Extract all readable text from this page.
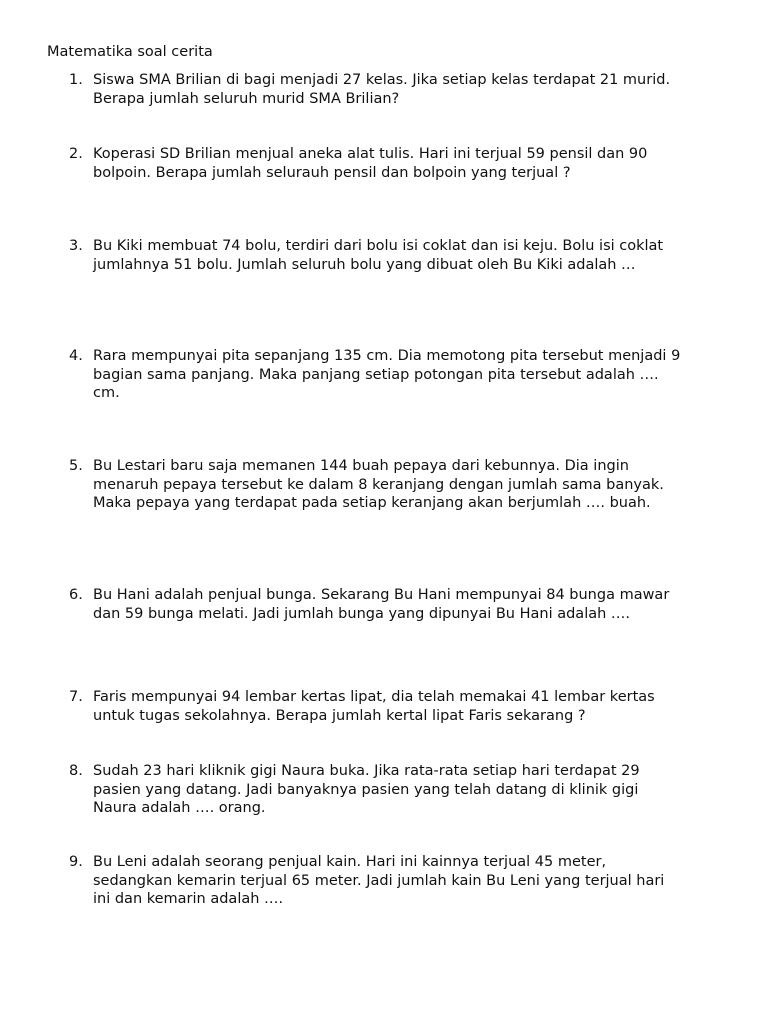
Matematika soal cerita
1. Siswa SMA Brilian di bagi menjadi 27 kelas. Jika setiap kelas terdapat 21 murid.
Berapa jumlah seluruh murid SMA Brilian?
2. Koperasi SD Brilian menjual aneka alat tulis. Hari ini terjual 59 pensil dan 90
bolpoin. Berapa jumlah selurauh pensil dan bolpoin yang terjual ?
3. Bu Kiki membuat 74 bolu, terdiri dari bolu isi coklat dan isi keju. Bolu isi coklat
jumlahnya 51 bolu. Jumlah seluruh bolu yang dibuat oleh Bu Kiki adalah …
4. Rara mempunyai pita sepanjang 135 cm. Dia memotong pita tersebut menjadi 9
bagian sama panjang. Maka panjang setiap potongan pita tersebut adalah ….
cm.
5. Bu Lestari baru saja memanen 144 buah pepaya dari kebunnya. Dia ingin
menaruh pepaya tersebut ke dalam 8 keranjang dengan jumlah sama banyak.
Maka pepaya yang terdapat pada setiap keranjang akan berjumlah …. buah.
6. Bu Hani adalah penjual bunga. Sekarang Bu Hani mempunyai 84 bunga mawar
dan 59 bunga melati. Jadi jumlah bunga yang dipunyai Bu Hani adalah ….
7. Faris mempunyai 94 lembar kertas lipat, dia telah memakai 41 lembar kertas
untuk tugas sekolahnya. Berapa jumlah kertal lipat Faris sekarang ?
8. Sudah 23 hari kliknik gigi Naura buka. Jika rata-rata setiap hari terdapat 29
pasien yang datang. Jadi banyaknya pasien yang telah datang di klinik gigi
Naura adalah …. orang.
9. Bu Leni adalah seorang penjual kain. Hari ini kainnya terjual 45 meter,
sedangkan kemarin terjual 65 meter. Jadi jumlah kain Bu Leni yang terjual hari
ini dan kemarin adalah ….
